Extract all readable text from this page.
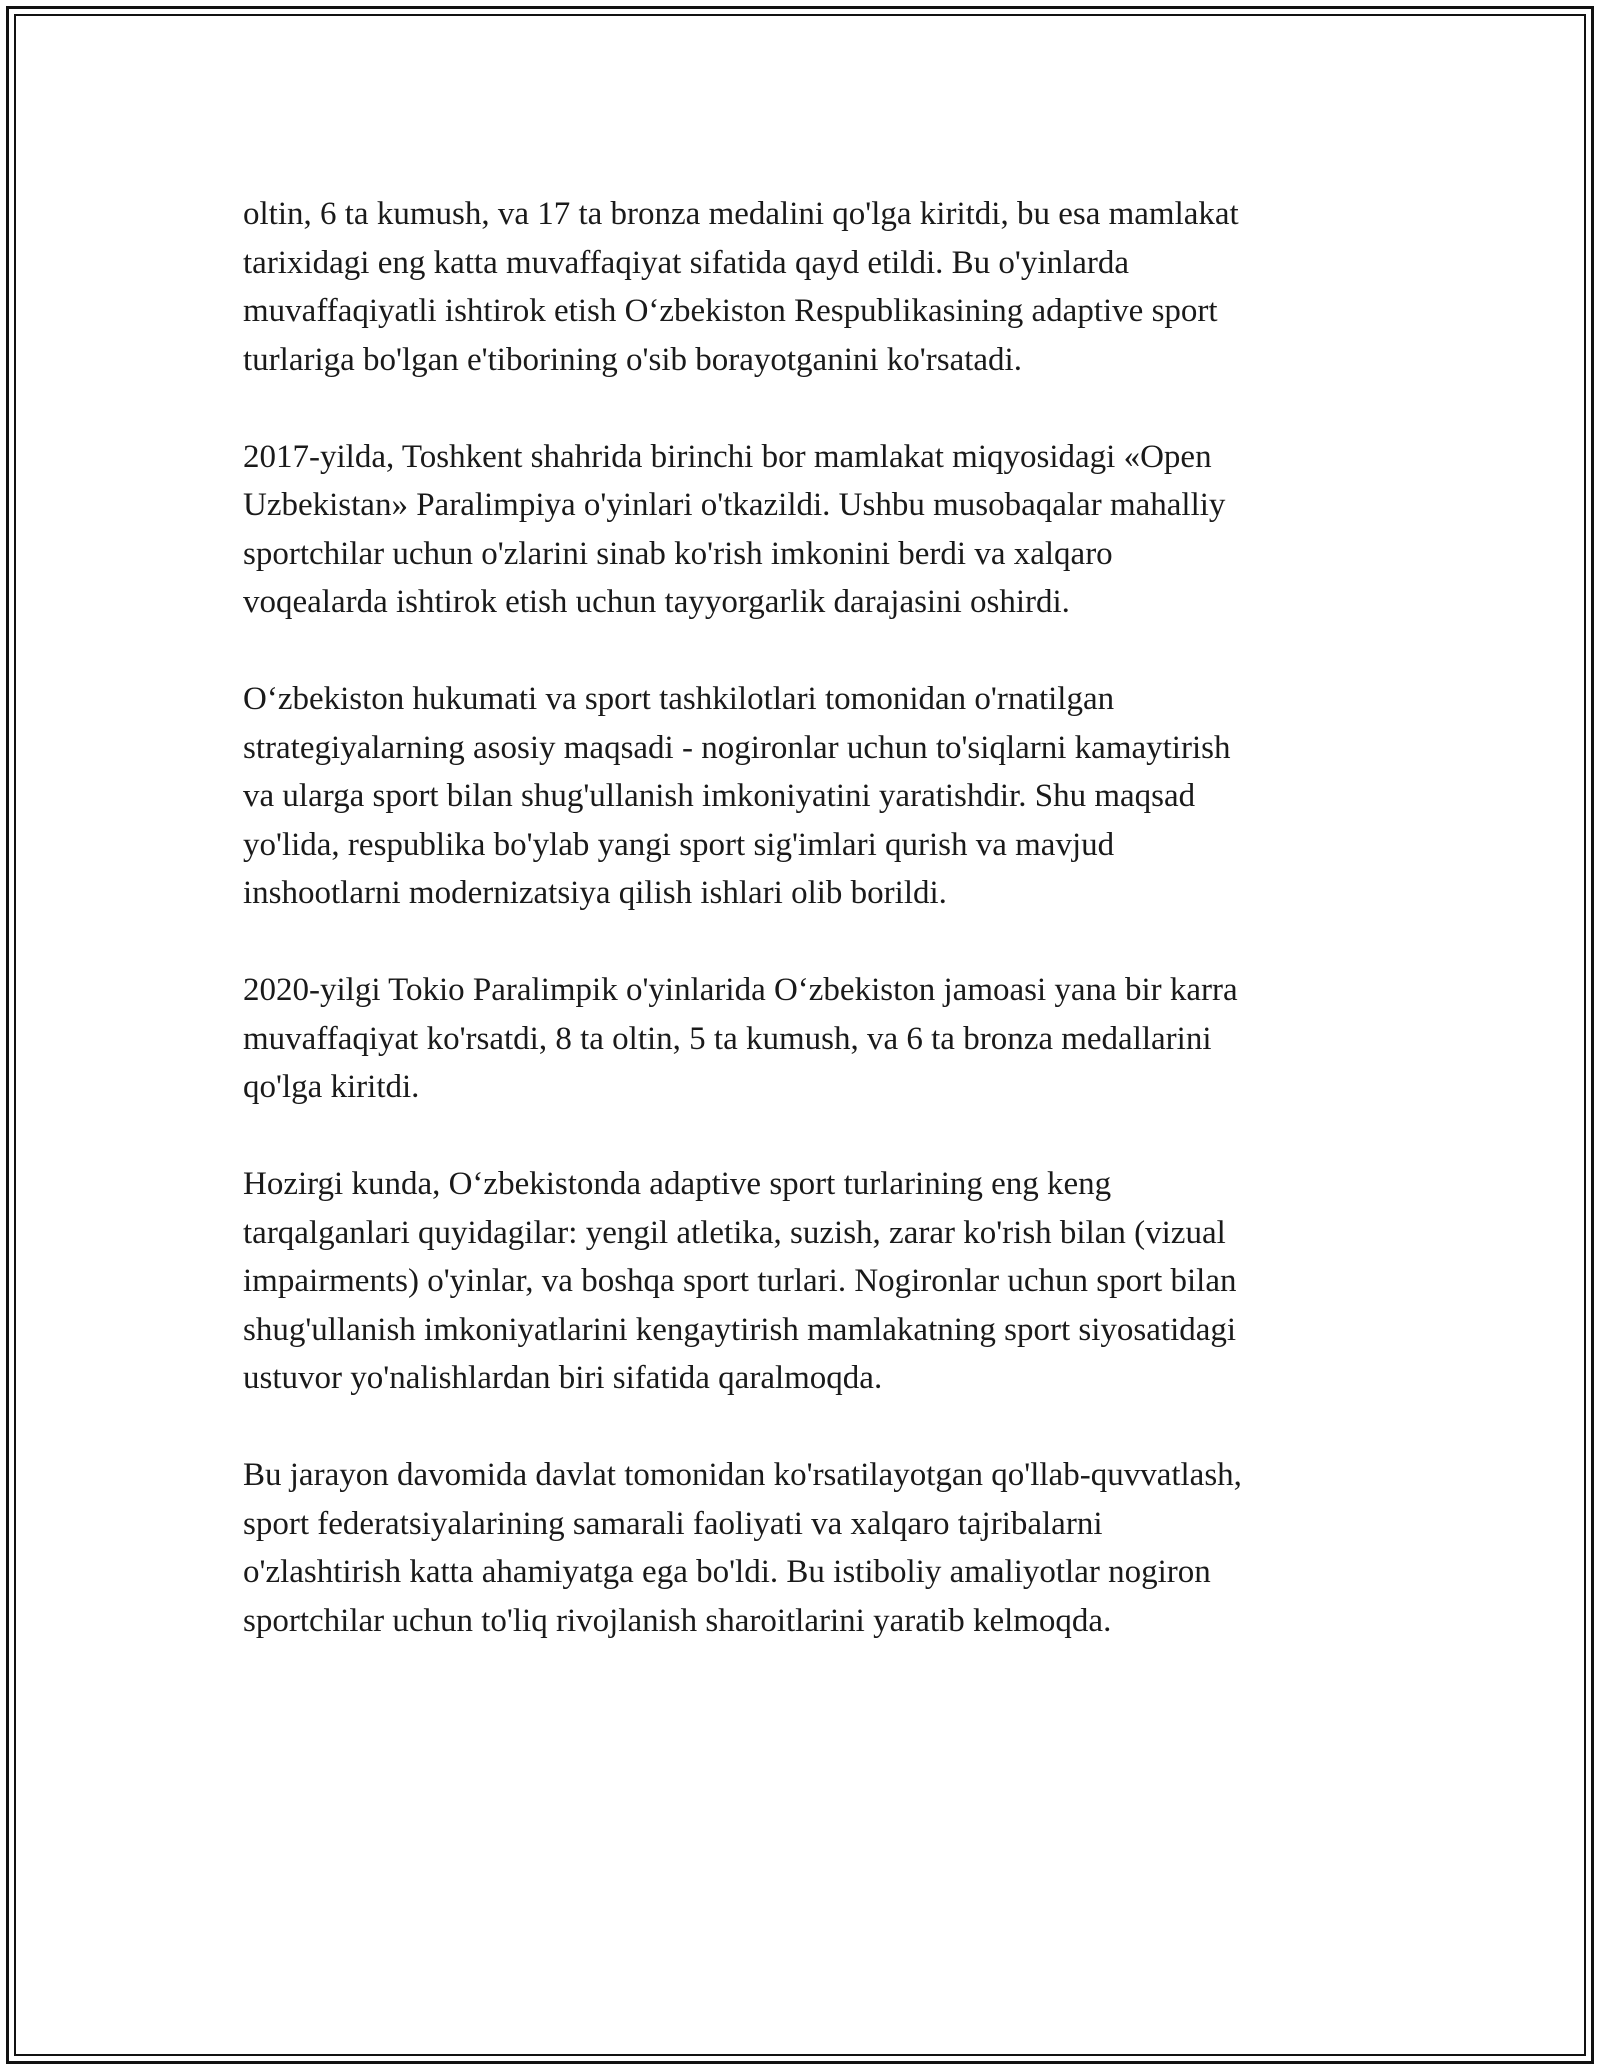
oltin, 6 ta kumush, va 17 ta bronza medalini qo'lga kiritdi, bu esa mamlakat
tarixidagi eng katta muvaffaqiyat sifatida qayd etildi. Bu o'yinlarda
muvaffaqiyatli ishtirok etish O‘zbekiston Respublikasining adaptive sport
turlariga bo'lgan e'tiborining o'sib borayotganini ko'rsatadi.

2017-yilda, Toshkent shahrida birinchi bor mamlakat miqyosidagi «Open
Uzbekistan» Paralimpiya o'yinlari o'tkazildi. Ushbu musobaqalar mahalliy
sportchilar uchun o'zlarini sinab ko'rish imkonini berdi va xalqaro
voqealarda ishtirok etish uchun tayyorgarlik darajasini oshirdi.

O‘zbekiston hukumati va sport tashkilotlari tomonidan o'rnatilgan
strategiyalarning asosiy maqsadi - nogironlar uchun to'siqlarni kamaytirish
va ularga sport bilan shug'ullanish imkoniyatini yaratishdir. Shu maqsad
yo'lida, respublika bo'ylab yangi sport sig'imlari qurish va mavjud
inshootlarni modernizatsiya qilish ishlari olib borildi.

2020-yilgi Tokio Paralimpik o'yinlarida O‘zbekiston jamoasi yana bir karra
muvaffaqiyat ko'rsatdi, 8 ta oltin, 5 ta kumush, va 6 ta bronza medallarini
qo'lga kiritdi.

Hozirgi kunda, O‘zbekistonda adaptive sport turlarining eng keng
tarqalganlari quyidagilar: yengil atletika, suzish, zarar ko'rish bilan (vizual
impairments) o'yinlar, va boshqa sport turlari. Nogironlar uchun sport bilan
shug'ullanish imkoniyatlarini kengaytirish mamlakatning sport siyosatidagi
ustuvor yo'nalishlardan biri sifatida qaralmoqda.

Bu jarayon davomida davlat tomonidan ko'rsatilayotgan qo'llab-quvvatlash,
sport federatsiyalarining samarali faoliyati va xalqaro tajribalarni
o'zlashtirish katta ahamiyatga ega bo'ldi. Bu istiboliy amaliyotlar nogiron
sportchilar uchun to'liq rivojlanish sharoitlarini yaratib kelmoqda.
